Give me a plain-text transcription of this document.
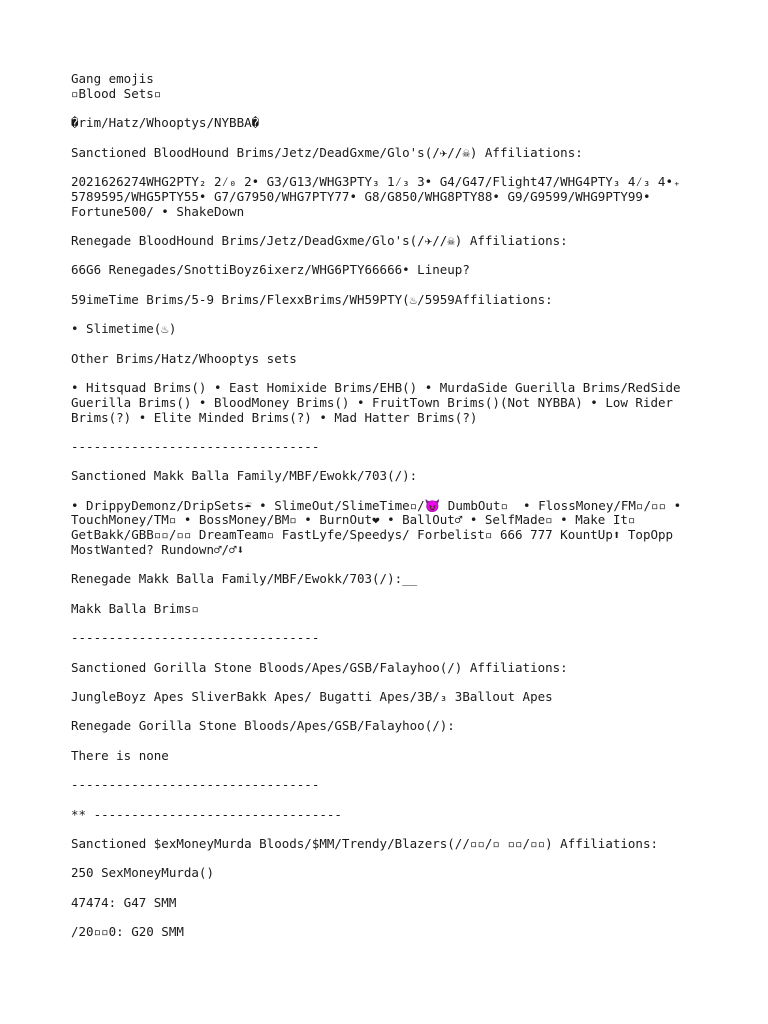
Gang emojis
▫Blood Sets▫
�rim/Hatz/Whooptys/NYBBA�
Sanctioned BloodHound Brims/Jetz/DeadGxme/Glo's(/✈//☠) Affiliations:
2021626274WHG2PTY₂ 2⁄₀ 2• G3/G13/WHG3PTY₃ 1⁄₃ 3• G4/G47/Flight47/WHG4PTY₃ 4⁄₃ 4•₊ 5789595/WHG5PTY55• G7/G7950/WHG7PTY77• G8/G850/WHG8PTY88• G9/G9599/WHG9PTY99• Fortune500/ • ShakeDown
Renegade BloodHound Brims/Jetz/DeadGxme/Glo's(/✈//☠) Affiliations:
66G6 Renegades/SnottiBoyz6ixerz/WHG6PTY66666• Lineup?
59imeTime Brims/5-9 Brims/FlexxBrims/WH59PTY(♨/5959Affiliations:
• Slimetime(♨)
Other Brims/Hatz/Whooptys sets
• Hitsquad Brims() • East Homixide Brims/EHB() • MurdaSide Guerilla Brims/RedSide Guerilla Brims() • BloodMoney Brims() • FruitTown Brims()(Not NYBBA) • Low Rider Brims(?) • Elite Minded Brims(?) • Mad Hatter Brims(?)
---------------------------------
Sanctioned Makk Balla Family/MBF/Ewokk/703(/):
• DrippyDemonz/DripSets☔ • SlimeOut/SlimeTime▫/😈 DumbOut▫  • FlossMoney/FM▫/▫▫ • TouchMoney/TM▫ • BossMoney/BM▫ • BurnOut❤ • BallOut♂ • SelfMade▫ • Make It▫ GetBakk/GBB▫▫/▫▫ DreamTeam▫ FastLyfe/Speedys/ Forbelist▫ 666 777 KountUp⬆ TopOpp MostWanted? Rundown♂/♂⬇
Renegade Makk Balla Family/MBF/Ewokk/703(/):__
Makk Balla Brims▫
---------------------------------
Sanctioned Gorilla Stone Bloods/Apes/GSB/Falayhoo(/) Affiliations:
JungleBoyz Apes SliverBakk Apes/ Bugatti Apes/3B/₃ 3Ballout Apes
Renegade Gorilla Stone Bloods/Apes/GSB/Falayhoo(/):
There is none
---------------------------------
** ---------------------------------
Sanctioned $exMoneyMurda Bloods/$MM/Trendy/Blazers(//▫▫/▫ ▫▫/▫▫) Affiliations:
250 SexMoneyMurda()
47474: G47 SMM
/20▫▫0: G20 SMM
